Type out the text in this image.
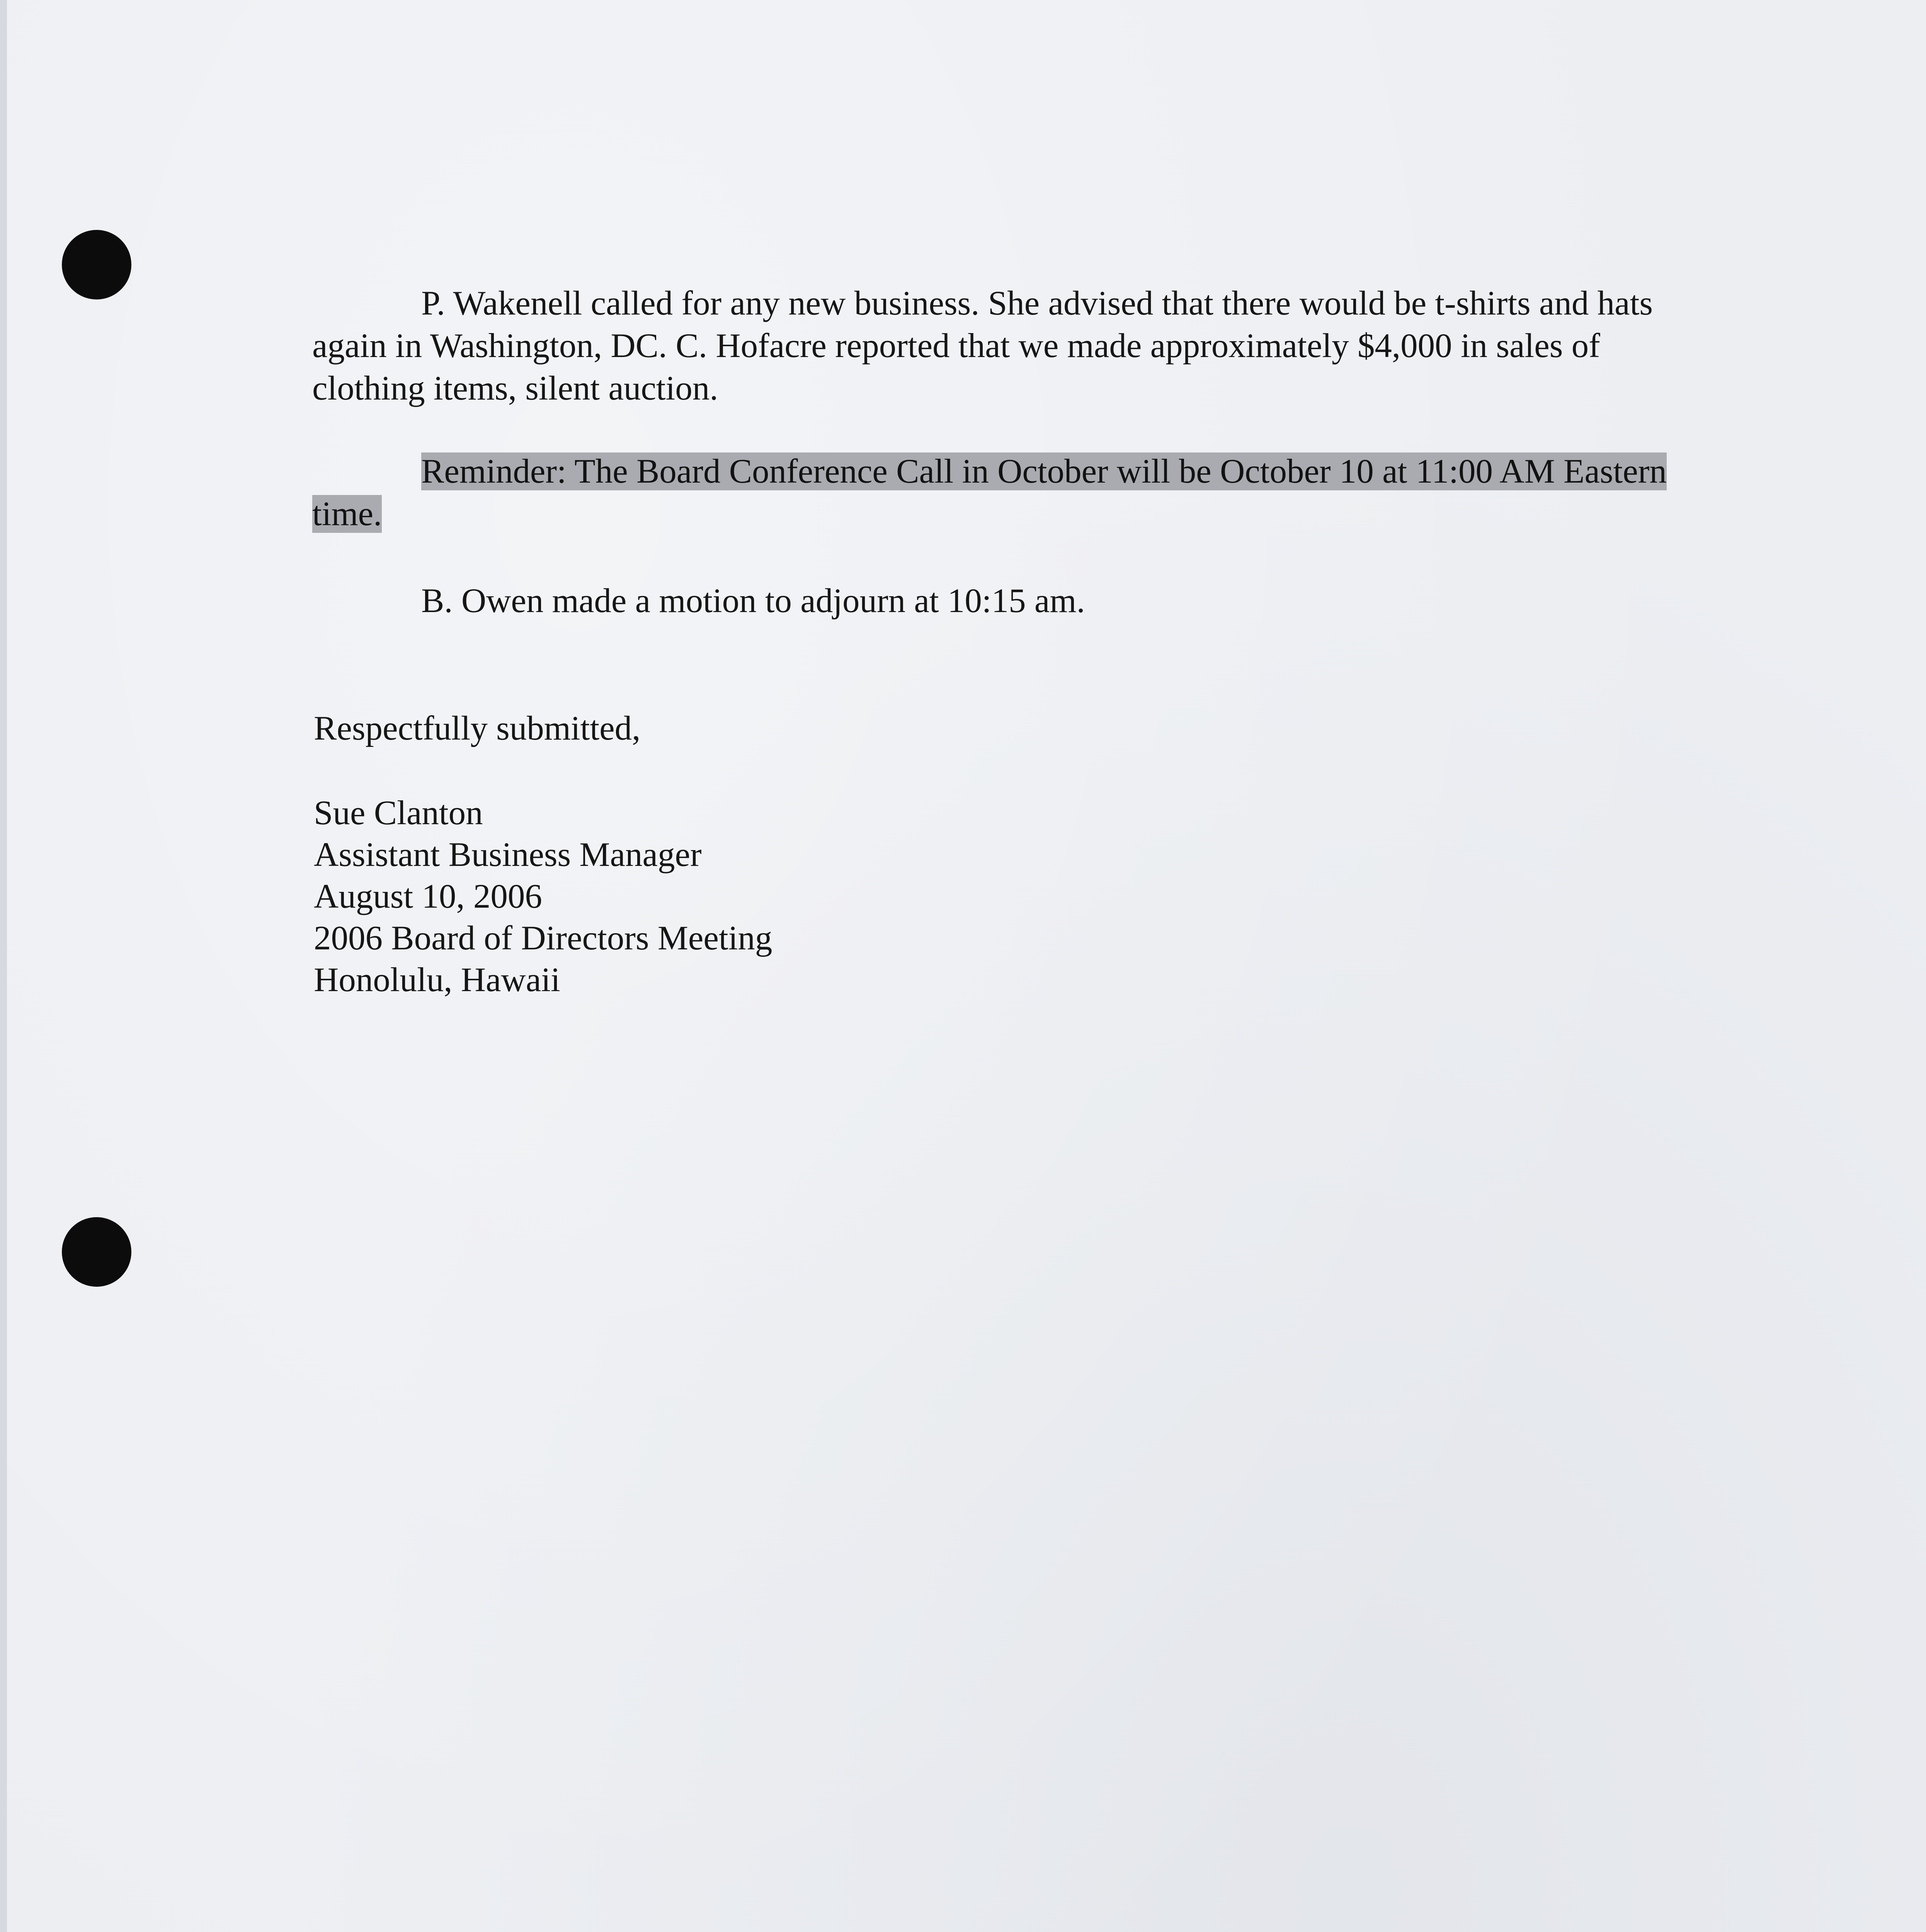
P. Wakenell called for any new business. She advised that there would be t-shirts and hats again in Washington, DC. C. Hofacre reported that we made approximately $4,000 in sales of clothing items, silent auction.

Reminder: The Board Conference Call in October will be October 10 at 11:00 AM Eastern time.

B. Owen made a motion to adjourn at 10:15 am.

Respectfully submitted,

Sue Clanton
Assistant Business Manager
August 10, 2006
2006 Board of Directors Meeting
Honolulu, Hawaii
